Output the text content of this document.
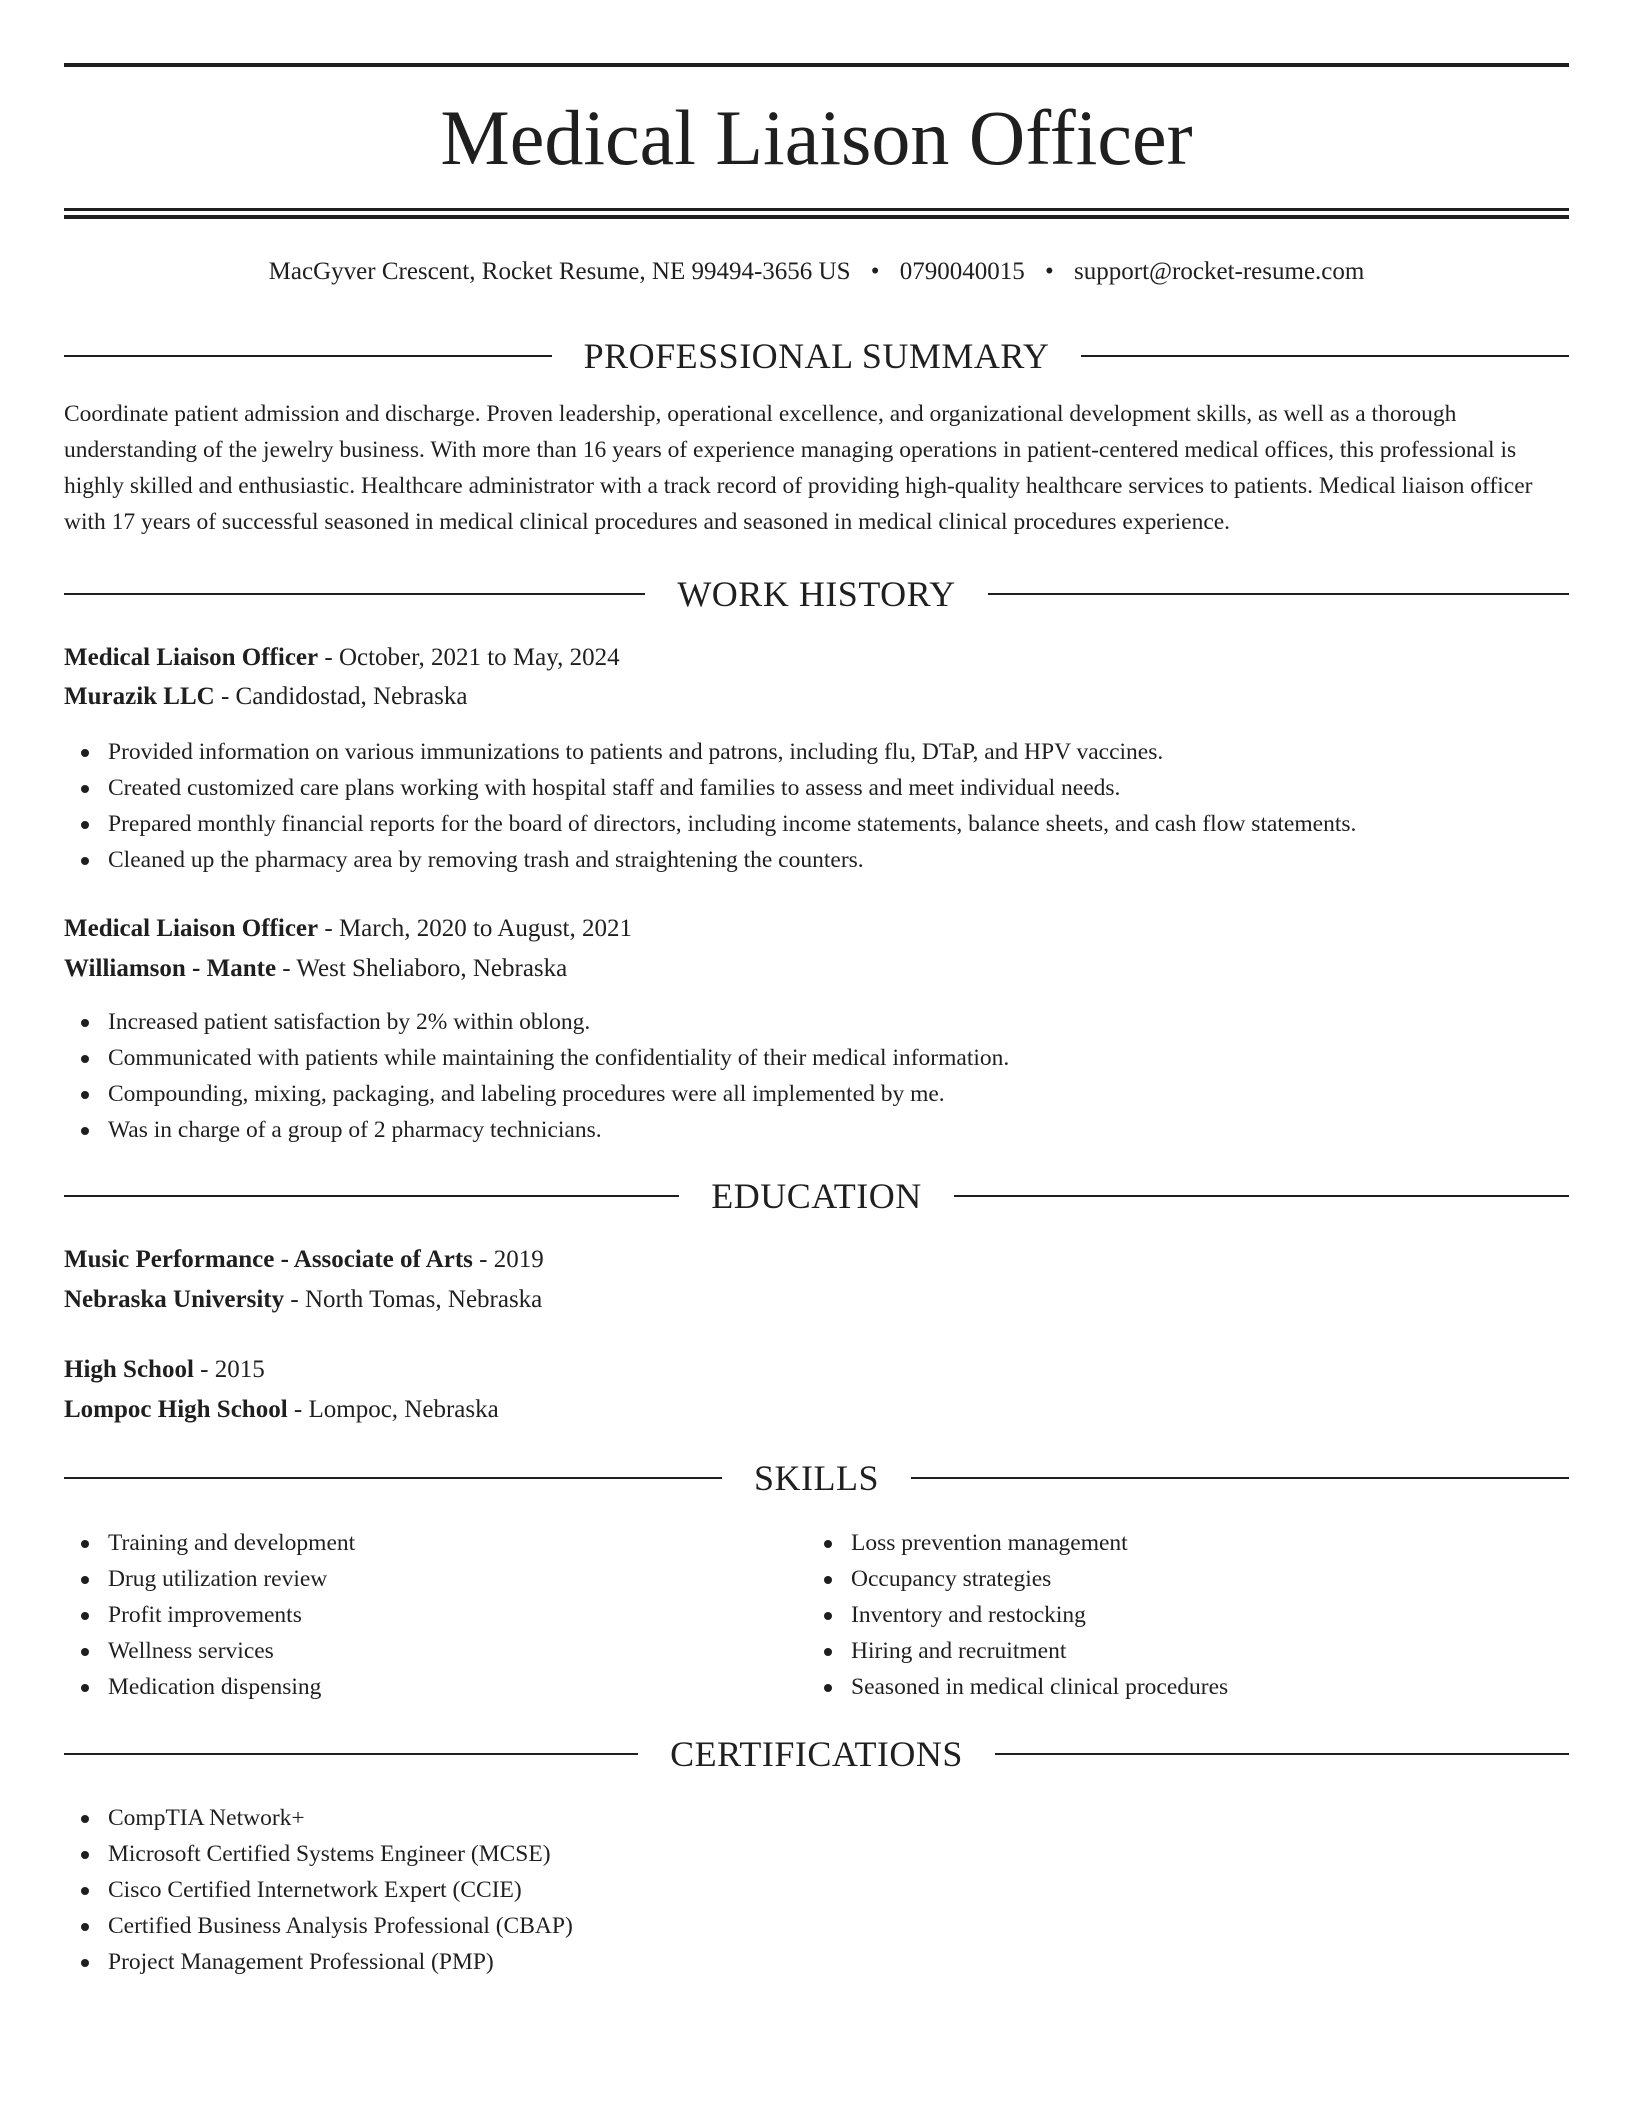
Medical Liaison Officer
MacGyver Crescent, Rocket Resume, NE 99494-3656 US • 0790040015 • support@rocket-resume.com
PROFESSIONAL SUMMARY

Coordinate patient admission and discharge. Proven leadership, operational excellence, and organizational development skills, as well as a thorough understanding of the jewelry business. With more than 16 years of experience managing operations in patient-centered medical offices, this professional is highly skilled and enthusiastic. Healthcare administrator with a track record of providing high-quality healthcare services to patients. Medical liaison officer with 17 years of successful seasoned in medical clinical procedures and seasoned in medical clinical procedures experience.

WORK HISTORY
Medical Liaison Officer - October, 2021 to May, 2024
Murazik LLC - Candidostad, Nebraska
Provided information on various immunizations to patients and patrons, including flu, DTaP, and HPV vaccines.
Created customized care plans working with hospital staff and families to assess and meet individual needs.
Prepared monthly financial reports for the board of directors, including income statements, balance sheets, and cash flow statements.
Cleaned up the pharmacy area by removing trash and straightening the counters.
Medical Liaison Officer - March, 2020 to August, 2021
Williamson - Mante - West Sheliaboro, Nebraska
Increased patient satisfaction by 2% within oblong.
Communicated with patients while maintaining the confidentiality of their medical information.
Compounding, mixing, packaging, and labeling procedures were all implemented by me.
Was in charge of a group of 2 pharmacy technicians.
EDUCATION
Music Performance - Associate of Arts - 2019
Nebraska University - North Tomas, Nebraska
High School - 2015
Lompoc High School - Lompoc, Nebraska
SKILLS
Training and development
Drug utilization review
Profit improvements
Wellness services
Medication dispensing
Loss prevention management
Occupancy strategies
Inventory and restocking
Hiring and recruitment
Seasoned in medical clinical procedures
CERTIFICATIONS
CompTIA Network+
Microsoft Certified Systems Engineer (MCSE)
Cisco Certified Internetwork Expert (CCIE)
Certified Business Analysis Professional (CBAP)
Project Management Professional (PMP)
